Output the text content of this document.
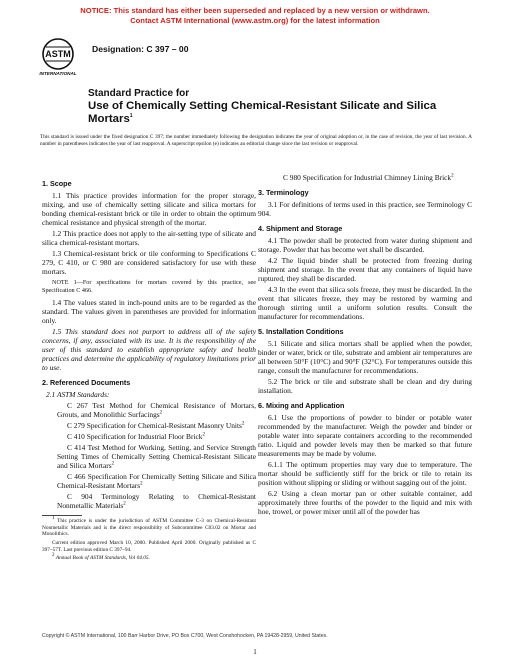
NOTICE: This standard has either been superseded and replaced by a new version or withdrawn.
Contact ASTM International (www.astm.org) for the latest information
ASTM
INTERNATIONAL
Designation: C 397 – 00
Standard Practice for
Use of Chemically Setting Chemical-Resistant Silicate and Silica Mortars$^1$
This standard is issued under the fixed designation C 397; the number immediately following the designation indicates the year of original adoption or, in the case of revision, the year of last revision. A number in parentheses indicates the year of last reapproval. A superscript epsilon (e) indicates an editorial change since the last revision or reapproval.
1. Scope

1.1 This practice provides information for the proper storage, mixing, and use of chemically setting silicate and silica mortars for bonding chemical-resistant brick or tile in order to obtain the optimum chemical resistance and physical strength of the mortar.

1.2 This practice does not apply to the air-setting type of silicate and silica chemical-resistant mortars.

1.3 Chemical-resistant brick or tile conforming to Specifications C 279, C 410, or C 980 are considered satisfactory for use with these mortars.

NOTE 1—For specifications for mortars covered by this practice, see Specification C 466.

1.4 The values stated in inch-pound units are to be regarded as the standard. The values given in parentheses are provided for information only.

1.5 This standard does not purport to address all of the safety concerns, if any, associated with its use. It is the responsibility of the user of this standard to establish appropriate safety and health practices and determine the applicability of regulatory limitations prior to use.

2. Referenced Documents

2.1 ASTM Standards:

C 267 Test Method for Chemical Resistance of Mortars, Grouts, and Monolithic Surfacings$^2$

C 279 Specification for Chemical-Resistant Masonry Units$^2$

C 410 Specification for Industrial Floor Brick$^2$

C 414 Test Method for Working, Setting, and Service Strength Setting Times of Chemically Setting Chemical-Resistant Silicate and Silica Mortars$^2$

C 466 Specification For Chemically Setting Silicate and Silica Chemical-Resistant Mortars$^2$

C 904 Terminology Relating to Chemical-Resistant Nonmetallic Materials$^2$

$^1$ This practice is under the jurisdiction of ASTM Committee C-3 on Chemical-Resistant Nonmetallic Materials and is the direct responsibility of Subcommittee C03.02 on Mortar and Monolithics.

Current edition approved March 10, 2000. Published April 2000. Originally published as C 397–57T. Last previous edition C 397–94.

$^2$ Annual Book of ASTM Standards, Vol 04.05.

C 980 Specification for Industrial Chimney Lining Brick$^2$

3. Terminology

3.1 For definitions of terms used in this practice, see Terminology C 904.

4. Shipment and Storage

4.1 The powder shall be protected from water during shipment and storage. Powder that has become wet shall be discarded.

4.2 The liquid binder shall be protected from freezing during shipment and storage. In the event that any containers of liquid have ruptured, they shall be discarded.

4.3 In the event that silica sols freeze, they must be discarded. In the event that silicates freeze, they may be restored by warming and thorough stirring until a uniform solution results. Consult the manufacturer for recommendations.

5. Installation Conditions

5.1 Silicate and silica mortars shall be applied when the powder, binder or water, brick or tile, substrate and ambient air temperatures are all between 50°F (10°C) and 90°F (32°C). For temperatures outside this range, consult the manufacturer for recommendations.

5.2 The brick or tile and substrate shall be clean and dry during installation.

6. Mixing and Application

6.1 Use the proportions of powder to binder or potable water recommended by the manufacturer. Weigh the powder and binder or potable water into separate containers according to the recommended ratio. Liquid and powder levels may then be marked so that future measurements may be made by volume.

6.1.1 The optimum properties may vary due to temperature. The mortar should be sufficiently stiff for the brick or tile to retain its position without slipping or sliding or without sagging out of the joint.

6.2 Using a clean mortar pan or other suitable container, add approximately three fourths of the powder to the liquid and mix with hoe, trowel, or power mixer until all of the powder has

Copyright © ASTM International, 100 Barr Harbor Drive, PO Box C700, West Conshohocken, PA 19428-2959, United States.
1
